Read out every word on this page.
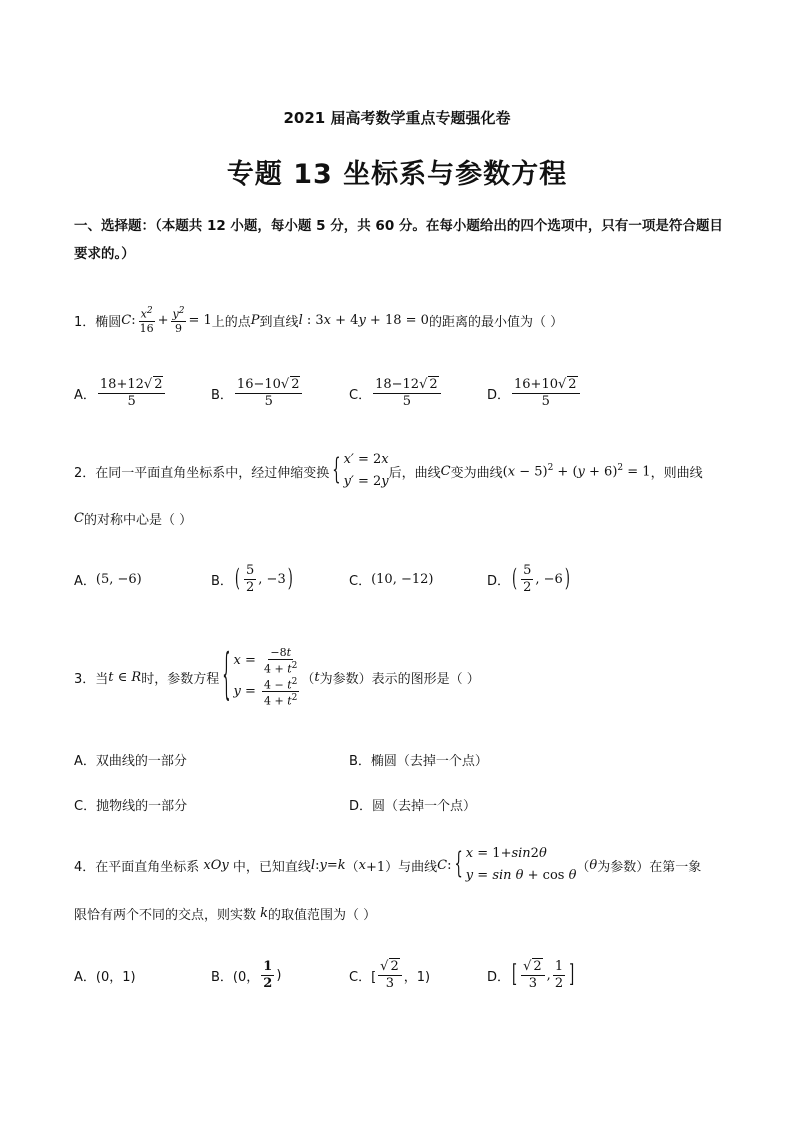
2021 届高考数学重点专题强化卷
专题 13 坐标系与参数方程
一、选择题：（本题共 12 小题，每小题 5 分，共 60 分。在每小题给出的四个选项中，只有一项是符合题目要求的。）
1．椭圆 C : $\frac{x^2}{16} + \frac{y^2}{9} = 1$ 上的点 P 到直线 l : 3 x + 4 y + 18 = 0 的距离的最小值为（ ）
A． $\frac{18+12√ 2}{5}$	B． $\frac{16-10√ 2}{5}$	C． $\frac{18-12√ 2}{5}$	D． $\frac{16+10√ 2}{5}$
2．在同一平面直角坐标系中，经过伸缩变换 { x′ = 2x
y′ = 2y
后，曲线 C 变为曲线 $(x - 5)^2 + (y + 6)^2 = 1$ ，则曲线
C 的对称中心是（ ）
A． (5, −6)	B． ( $\frac{5}{2}$ , −3 )	C． (10, −12)	D． ( $\frac{5}{2}$ , −6 )
3．当 t ∈ R 时，参数方程 { $x = \frac{-8t}{4 + t^2}$
$y = \frac{4 - t^2}{4 + t^2}$ （ t 为参数）表示的图形是（ ）
A．双曲线的一部分	B．椭圆（去掉一个点）
C．抛物线的一部分	D．圆（去掉一个点）
4．在平面直角坐标系 xOy 中，已知直线 l : y = k （ x +1） 与曲线 C : { x = 1+sin2θ
y = sin θ + cos θ
（ θ 为参数）在第一象
限恰有两个不同的交点，则实数 k 的取值范围为（ ）
A．(0，1)	B．(0， $\frac{1}{2}$ )	C．[ $\frac{√ 2}{3}$ ，1)	D． [ $\frac{√ 2}{3}$ , $\frac{1}{2}$ ]
